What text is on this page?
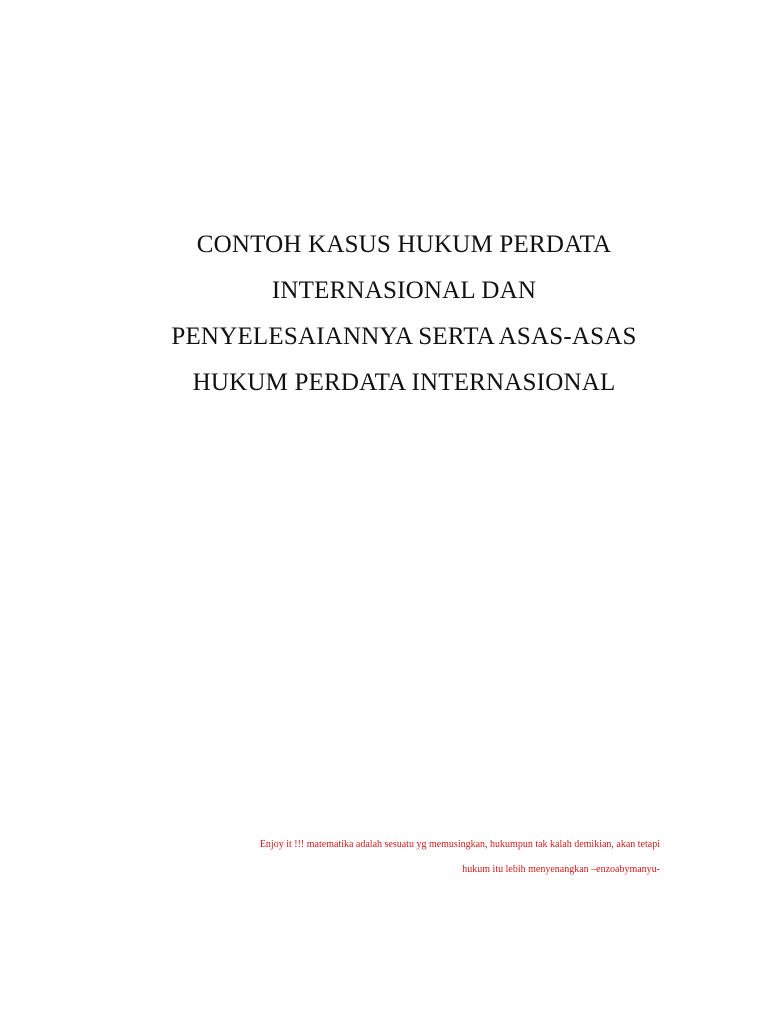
CONTOH KASUS HUKUM PERDATA
INTERNASIONAL DAN
PENYELESAIANNYA SERTA ASAS-ASAS
HUKUM PERDATA INTERNASIONAL
Enjoy it !!! matematika adalah sesuatu yg memusingkan, hukumpun tak kalah demikian, akan tetapi
hukum itu lebih menyenangkan –enzoabymanyu-
